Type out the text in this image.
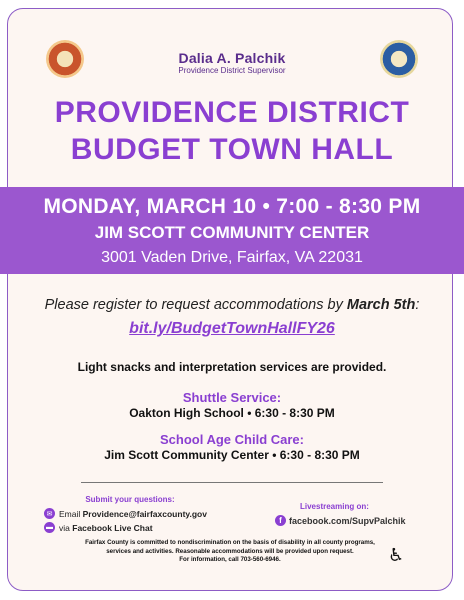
Dalia A. Palchik
Providence District Supervisor
PROVIDENCE DISTRICT
BUDGET TOWN HALL
MONDAY, MARCH 10 • 7:00 - 8:30 PM
JIM SCOTT COMMUNITY CENTER
3001 Vaden Drive, Fairfax, VA 22031
Please register to request accommodations by March 5th:
bit.ly/BudgetTownHallFY26
Light snacks and interpretation services are provided.
Shuttle Service:
Oakton High School • 6:30 - 8:30 PM
School Age Child Care:
Jim Scott Community Center • 6:30 - 8:30 PM
Submit your questions:
✉ Email
Providence@fairfaxcounty.gov
▬ via
Facebook Live Chat
Livestreaming on:
f facebook.com/SupvPalchik
Fairfax County is committed to nondiscrimination on the basis of disability in all county programs,
services and activities. Reasonable accommodations will be provided upon request.
For information, call 703-560-6946.	♿
